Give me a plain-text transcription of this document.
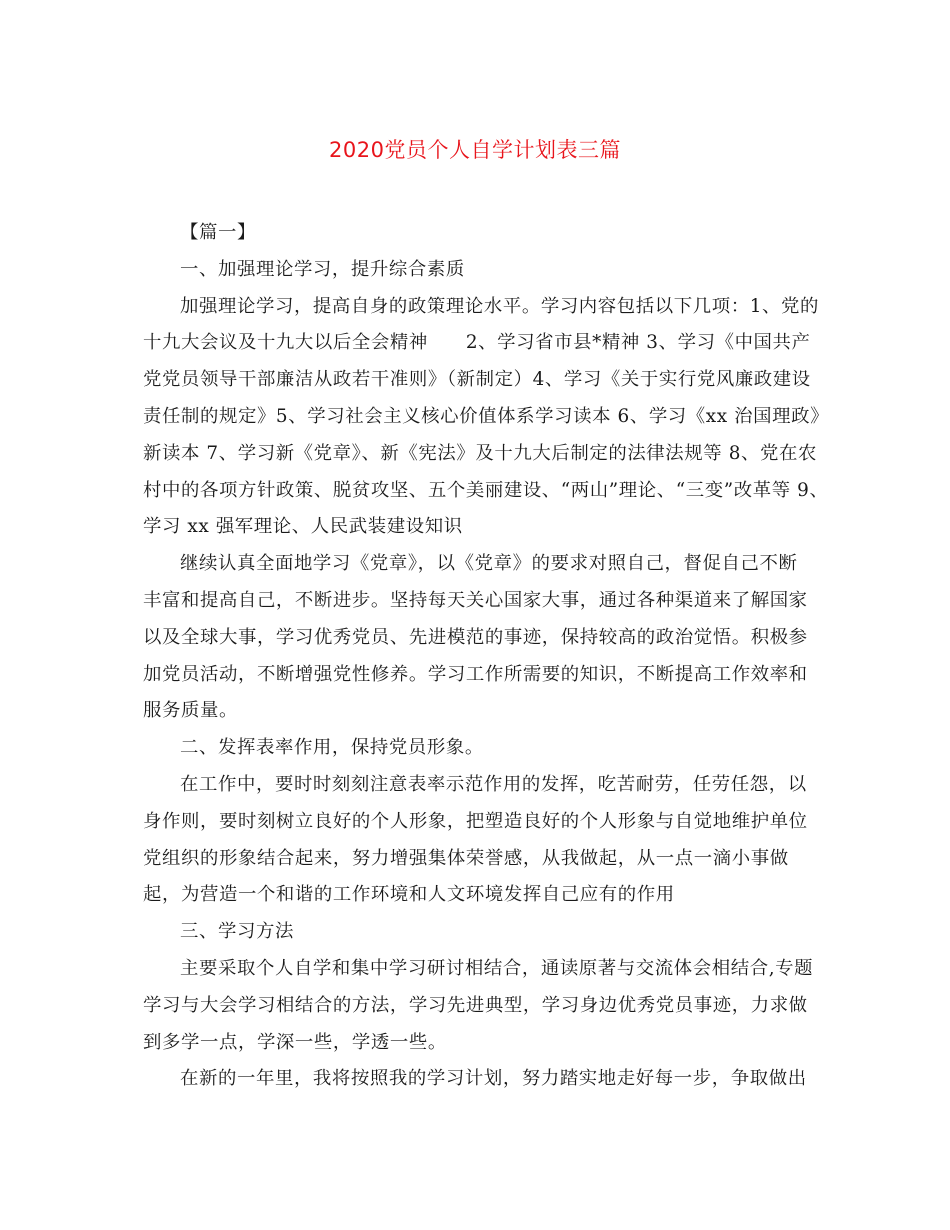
2020党员个人自学计划表三篇
【篇一】
一、加强理论学习，提升综合素质
加强理论学习，提高自身的政策理论水平。学习内容包括以下几项：1、党的
十九大会议及十九大以后全会精神　　2、学习省市县*精神 3、学习《中国共产
党党员领导干部廉洁从政若干准则》（新制定）4、学习《关于实行党风廉政建设
责任制的规定》5、学习社会主义核心价值体系学习读本 6、学习《xx 治国理政》
新读本 7、学习新《党章》、新《宪法》及十九大后制定的法律法规等 8、党在农
村中的各项方针政策、脱贫攻坚、五个美丽建设、“两山”理论、“三变”改革等 9、
学习 xx 强军理论、人民武装建设知识
继续认真全面地学习《党章》，以《党章》的要求对照自己，督促自己不断
丰富和提高自己，不断进步。坚持每天关心国家大事，通过各种渠道来了解国家
以及全球大事，学习优秀党员、先进模范的事迹，保持较高的政治觉悟。积极参
加党员活动，不断增强党性修养。学习工作所需要的知识，不断提高工作效率和
服务质量。
二、发挥表率作用，保持党员形象。
在工作中，要时时刻刻注意表率示范作用的发挥，吃苦耐劳，任劳任怨，以
身作则，要时刻树立良好的个人形象，把塑造良好的个人形象与自觉地维护单位
党组织的形象结合起来，努力增强集体荣誉感，从我做起，从一点一滴小事做
起，为营造一个和谐的工作环境和人文环境发挥自己应有的作用
三、学习方法
主要采取个人自学和集中学习研讨相结合，通读原著与交流体会相结合,专题
学习与大会学习相结合的方法，学习先进典型，学习身边优秀党员事迹，力求做
到多学一点，学深一些，学透一些。
在新的一年里，我将按照我的学习计划，努力踏实地走好每一步，争取做出
